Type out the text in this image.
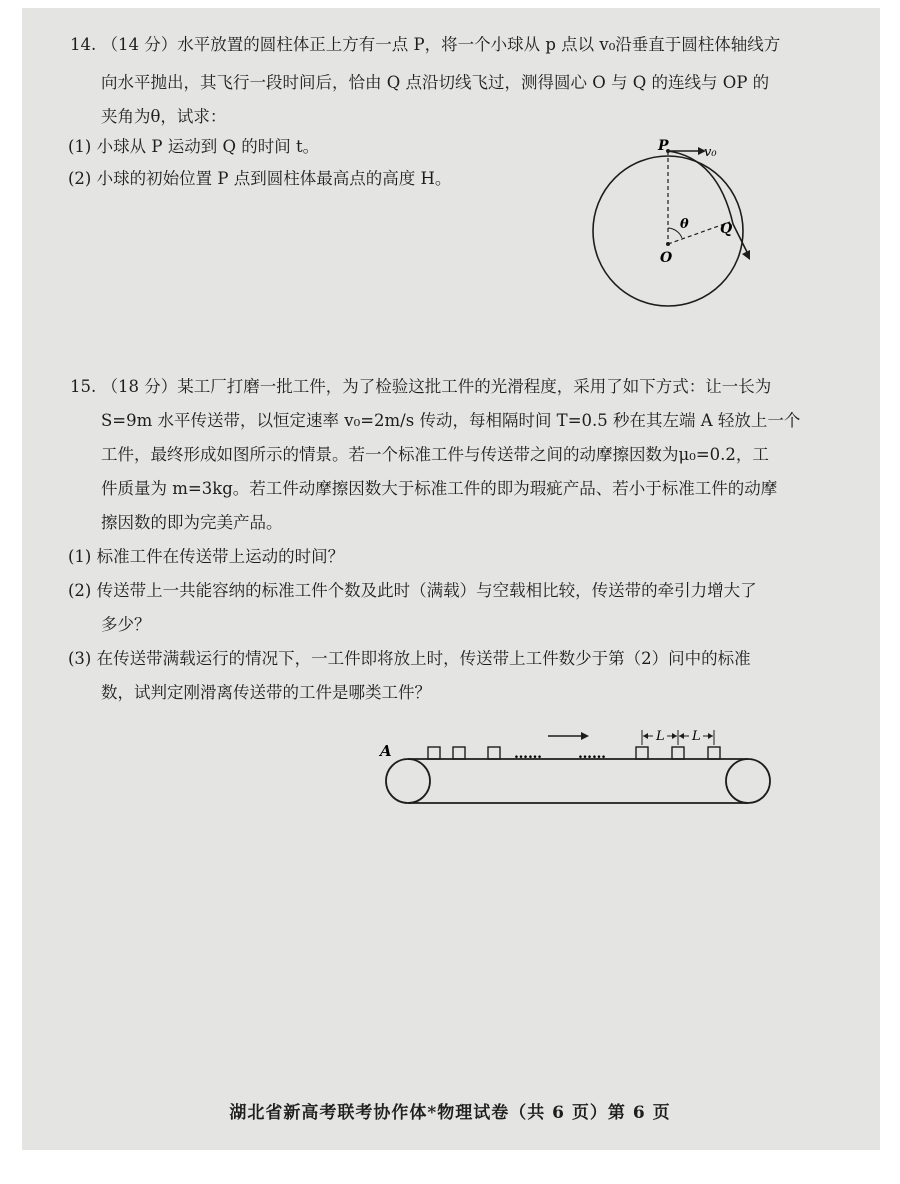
14. （14 分）水平放置的圆柱体正上方有一点 P，将一个小球从 p 点以 v₀沿垂直于圆柱体轴线方
向水平抛出，其飞行一段时间后，恰由 Q 点沿切线飞过，测得圆心 O 与 Q 的连线与 OP 的
夹角为θ，试求：
(1) 小球从 P 运动到 Q 的时间 t。
(2) 小球的初始位置 P 点到圆柱体最高点的高度 H。
P	v₀
θ Q
O
15. （18 分）某工厂打磨一批工件，为了检验这批工件的光滑程度，采用了如下方式：让一长为
S=9m 水平传送带，以恒定速率 v₀=2m/s 传动，每相隔时间 T=0.5 秒在其左端 A 轻放上一个
工件，最终形成如图所示的情景。若一个标准工件与传送带之间的动摩擦因数为μ₀=0.2，工
件质量为 m=3kg。若工件动摩擦因数大于标准工件的即为瑕疵产品、若小于标准工件的动摩
擦因数的即为完美产品。
(1) 标准工件在传送带上运动的时间？
(2) 传送带上一共能容纳的标准工件个数及此时（满载）与空载相比较，传送带的牵引力增大了
多少？
(3) 在传送带满载运行的情况下，一工件即将放上时，传送带上工件数少于第（2）问中的标准
数，试判定刚滑离传送带的工件是哪类工件？
……	……
L L
A
湖北省新高考联考协作体*物理试卷（共 6 页）第 6 页
